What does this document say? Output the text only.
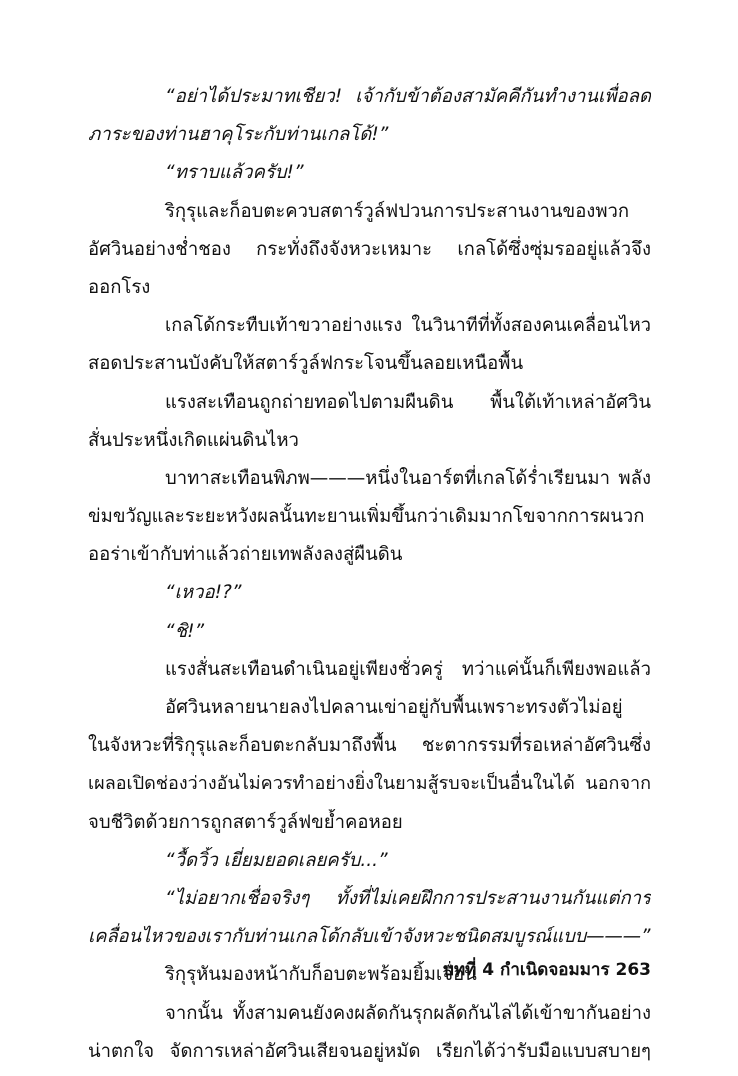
“อย่าได้ประมาทเชียว! เจ้ากับข้าต้องสามัคคีกันทำงานเพื่อลด
ภาระของท่านฮาคุโระกับท่านเกลโด้!”
“ทราบแล้วครับ!”
ริกุรุและก็อบตะควบสตาร์วูล์ฟปวนการประสานงานของพวก
อัศวินอย่างช่ำชอง กระทั่งถึงจังหวะเหมาะ เกลโด้ซึ่งซุ่มรออยู่แล้วจึง
ออกโรง
เกลโด้กระทืบเท้าขวาอย่างแรง ในวินาทีที่ทั้งสองคนเคลื่อนไหว
สอดประสานบังคับให้สตาร์วูล์ฟกระโจนขึ้นลอยเหนือพื้น
แรงสะเทือนถูกถ่ายทอดไปตามผืนดิน พื้นใต้เท้าเหล่าอัศวิน
สั่นประหนึ่งเกิดแผ่นดินไหว
บาทาสะเทือนพิภพ———หนึ่งในอาร์ตที่เกลโด้ร่ำเรียนมา พลัง
ข่มขวัญและระยะหวังผลนั้นทะยานเพิ่มขึ้นกว่าเดิมมากโขจากการผนวก
ออร่าเข้ากับท่าแล้วถ่ายเทพลังลงสู่ผืนดิน
“เหวอ!?”
“ชิ!”
แรงสั่นสะเทือนดำเนินอยู่เพียงชั่วครู่ ทว่าแค่นั้นก็เพียงพอแล้ว
อัศวินหลายนายลงไปคลานเข่าอยู่กับพื้นเพราะทรงตัวไม่อยู่
ในจังหวะที่ริกุรุและก็อบตะกลับมาถึงพื้น ชะตากรรมที่รอเหล่าอัศวินซึ่ง
เผลอเปิดช่องว่างอันไม่ควรทำอย่างยิ่งในยามสู้รบจะเป็นอื่นในได้ นอกจาก
จบชีวิตด้วยการถูกสตาร์วูล์ฟขย้ำคอหอย
“วื้ดวิ้ว เยี่ยมยอดเลยครับ...”
“ไม่อยากเชื่อจริงๆ ทั้งที่ไม่เคยฝึกการประสานงานกันแต่การ
เคลื่อนไหวของเรากับท่านเกลโด้กลับเข้าจังหวะชนิดสมบูรณ์แบบ———”
ริกุรุหันมองหน้ากับก็อบตะพร้อมยิ้มเจื่อน
จากนั้น ทั้งสามคนยังคงผลัดกันรุกผลัดกันไล่ได้เข้าขากันอย่าง
น่าตกใจ จัดการเหล่าอัศวินเสียจนอยู่หมัด เรียกได้ว่ารับมือแบบสบายๆ
บทที่ 4 กำเนิดจอมมาร 263
